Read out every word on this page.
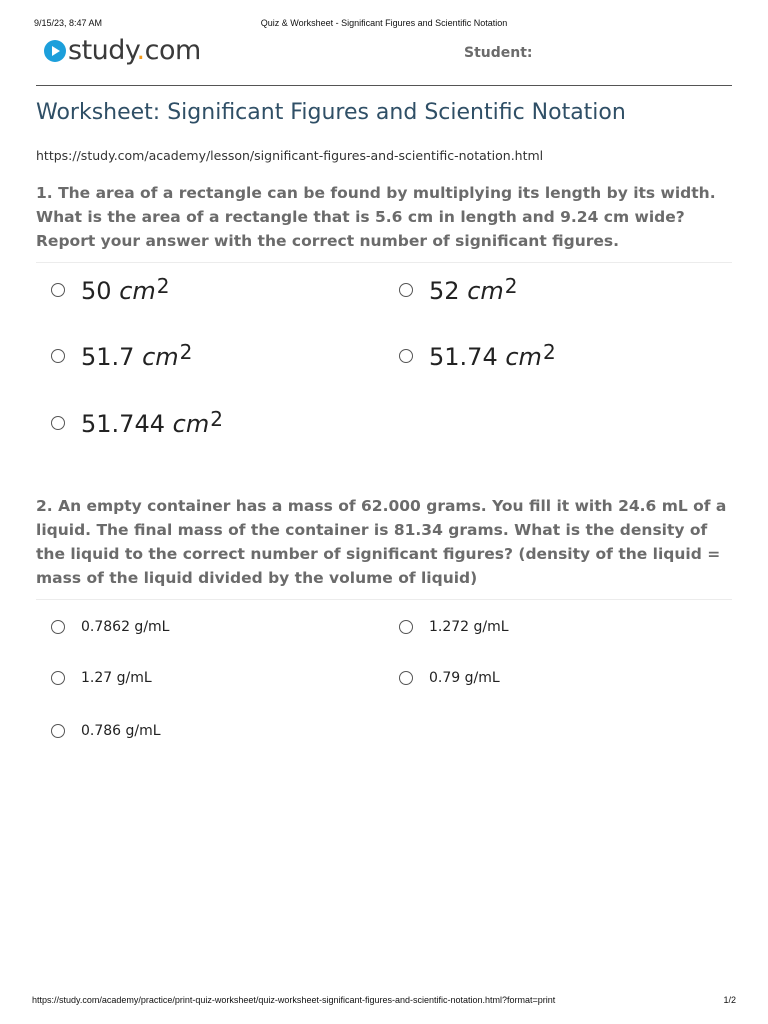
9/15/23, 8:47 AM	Quiz & Worksheet - Significant Figures and Scientific Notation
study.com	Student:
Worksheet: Significant Figures and Scientific Notation
https://study.com/academy/lesson/significant-figures-and-scientific-notation.html
1. The area of a rectangle can be found by multiplying its length by its width. What is the area of a rectangle that is 5.6 cm in length and 9.24 cm wide? Report your answer with the correct number of significant figures.
50 $cm^2$	52 $cm^2$
51.7 $cm^2$	51.74 $cm^2$
51.744 $cm^2$
2. An empty container has a mass of 62.000 grams. You fill it with 24.6 mL of a liquid. The final mass of the container is 81.34 grams. What is the density of the liquid to the correct number of significant figures? (density of the liquid = mass of the liquid divided by the volume of liquid)
0.7862 g/mL	1.272 g/mL
1.27 g/mL	0.79 g/mL
0.786 g/mL
https://study.com/academy/practice/print-quiz-worksheet/quiz-worksheet-significant-figures-and-scientific-notation.html?format=print	1/2
